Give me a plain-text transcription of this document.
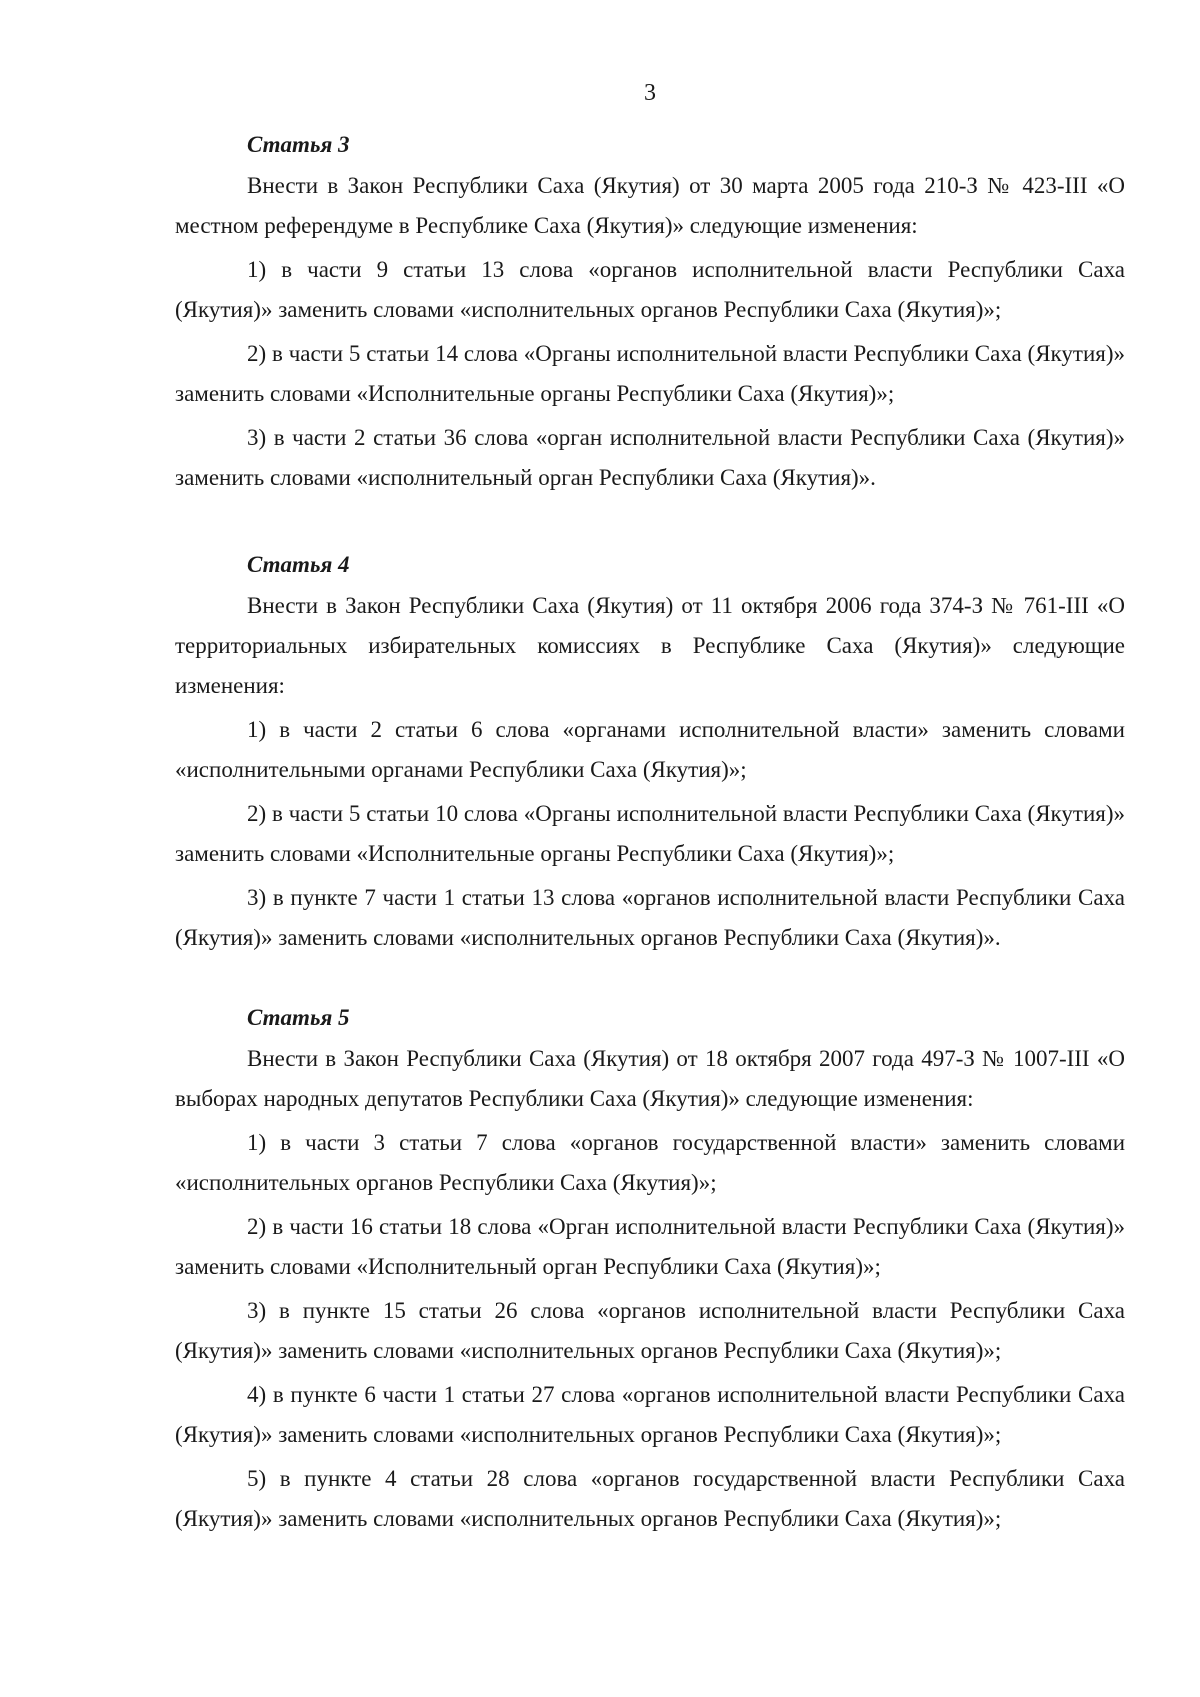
3
Статья 3

Внести в Закон Республики Саха (Якутия) от 30 марта 2005 года 210-З № 423-III «О местном референдуме в Республике Саха (Якутия)» следующие изменения:

1) в части 9 статьи 13 слова «органов исполнительной власти Республики Саха (Якутия)» заменить словами «исполнительных органов Республики Саха (Якутия)»;

2) в части 5 статьи 14 слова «Органы исполнительной власти Республики Саха (Якутия)» заменить словами «Исполнительные органы Республики Саха (Якутия)»;

3) в части 2 статьи 36 слова «орган исполнительной власти Республики Саха (Якутия)» заменить словами «исполнительный орган Республики Саха (Якутия)».

Статья 4

Внести в Закон Республики Саха (Якутия) от 11 октября 2006 года 374-З № 761-III «О территориальных избирательных комиссиях в Республике Саха (Якутия)» следующие изменения:

1) в части 2 статьи 6 слова «органами исполнительной власти» заменить словами «исполнительными органами Республики Саха (Якутия)»;

2) в части 5 статьи 10 слова «Органы исполнительной власти Республики Саха (Якутия)» заменить словами «Исполнительные органы Республики Саха (Якутия)»;

3) в пункте 7 части 1 статьи 13 слова «органов исполнительной власти Республики Саха (Якутия)» заменить словами «исполнительных органов Республики Саха (Якутия)».

Статья 5

Внести в Закон Республики Саха (Якутия) от 18 октября 2007 года 497-З № 1007-III «О выборах народных депутатов Республики Саха (Якутия)» следующие изменения:

1) в части 3 статьи 7 слова «органов государственной власти» заменить словами «исполнительных органов Республики Саха (Якутия)»;

2) в части 16 статьи 18 слова «Орган исполнительной власти Республики Саха (Якутия)» заменить словами «Исполнительный орган Республики Саха (Якутия)»;

3) в пункте 15 статьи 26 слова «органов исполнительной власти Республики Саха (Якутия)» заменить словами «исполнительных органов Республики Саха (Якутия)»;

4) в пункте 6 части 1 статьи 27 слова «органов исполнительной власти Республики Саха (Якутия)» заменить словами «исполнительных органов Республики Саха (Якутия)»;

5) в пункте 4 статьи 28 слова «органов государственной власти Республики Саха (Якутия)» заменить словами «исполнительных органов Республики Саха (Якутия)»;
